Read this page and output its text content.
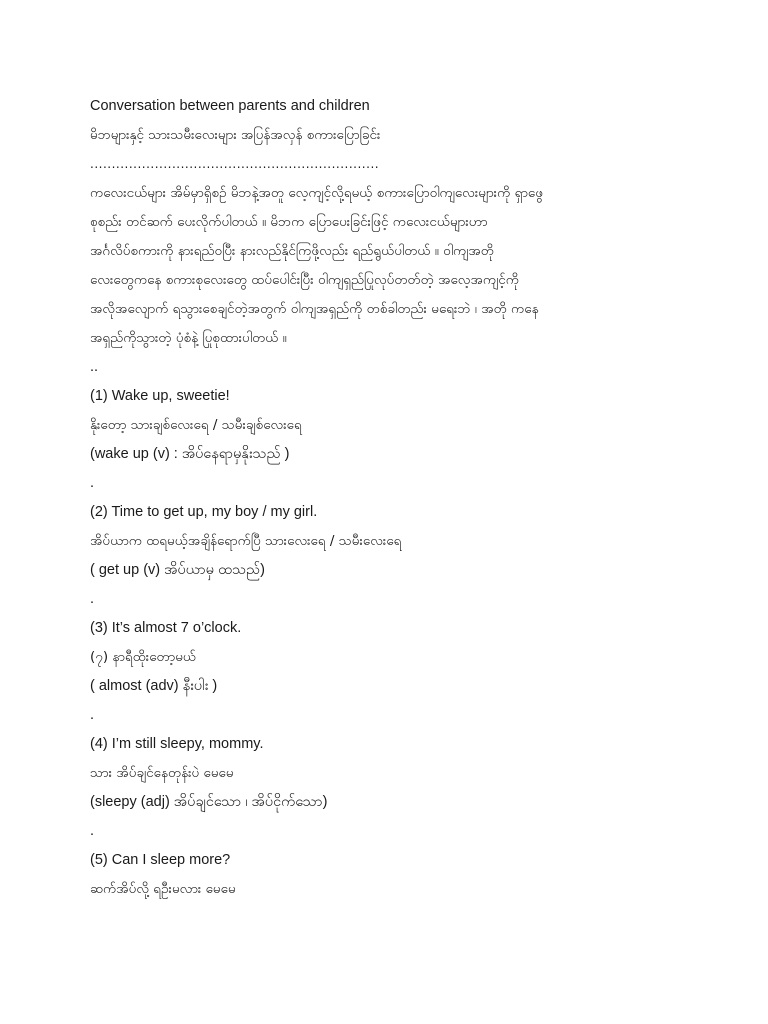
Conversation between parents and children
မိဘများနှင့် သားသမီးလေးများ အပြန်အလှန် စကားပြောခြင်း
...................................................................
ကလေးငယ်များ အိမ်မှာရှိစဉ် မိဘနဲ့အတူ လေ့ကျင့်လို့ရမယ့် စကားပြောဝါကျလေးများကို ရှာဖွေ
စုစည်း တင်ဆက် ပေးလိုက်ပါတယ် ။ မိဘက ပြောပေးခြင်းဖြင့် ကလေးငယ်များဟာ
အင်္ဂလိပ်စကားကို နားရည်ဝပြီး နားလည်နိုင်ကြဖို့လည်း ရည်ရွယ်ပါတယ် ။ ဝါကျအတို
လေးတွေကနေ စကားစုလေးတွေ ထပ်ပေါင်းပြီး ဝါကျရှည်ပြုလုပ်တတ်တဲ့ အလေ့အကျင့်ကို
အလိုအလျောက် ရသွားစေချင်တဲ့အတွက် ဝါကျအရှည်ကို တစ်ခါတည်း မရေးဘဲ ၊ အတို ကနေ
အရှည်ကိုသွားတဲ့ ပုံစံနဲ့ ပြုစုထားပါတယ် ။
..
(1) Wake up, sweetie!
နိုးတော့ သားချစ်လေးရေ / သမီးချစ်လေးရေ
(wake up (v) : အိပ်နေရာမှနိုးသည် )
.
(2) Time to get up, my boy / my girl.
အိပ်ယာက ထရမယ့်အချိန်ရောက်ပြီ သားလေးရေ / သမီးလေးရေ
( get up (v) အိပ်ယာမှ ထသည်)
.
(3) It’s almost 7 o’clock.
(၇) နာရီထိုးတော့မယ်
( almost (adv) နီးပါး )
.
(4) I’m still sleepy, mommy.
သား အိပ်ချင်နေတုန်းပဲ မေမေ
(sleepy (adj) အိပ်ချင်သော ၊ အိပ်ငိုက်သော)
.
(5) Can I sleep more?
ဆက်အိပ်လို့ ရဦးမလား မေမေ
